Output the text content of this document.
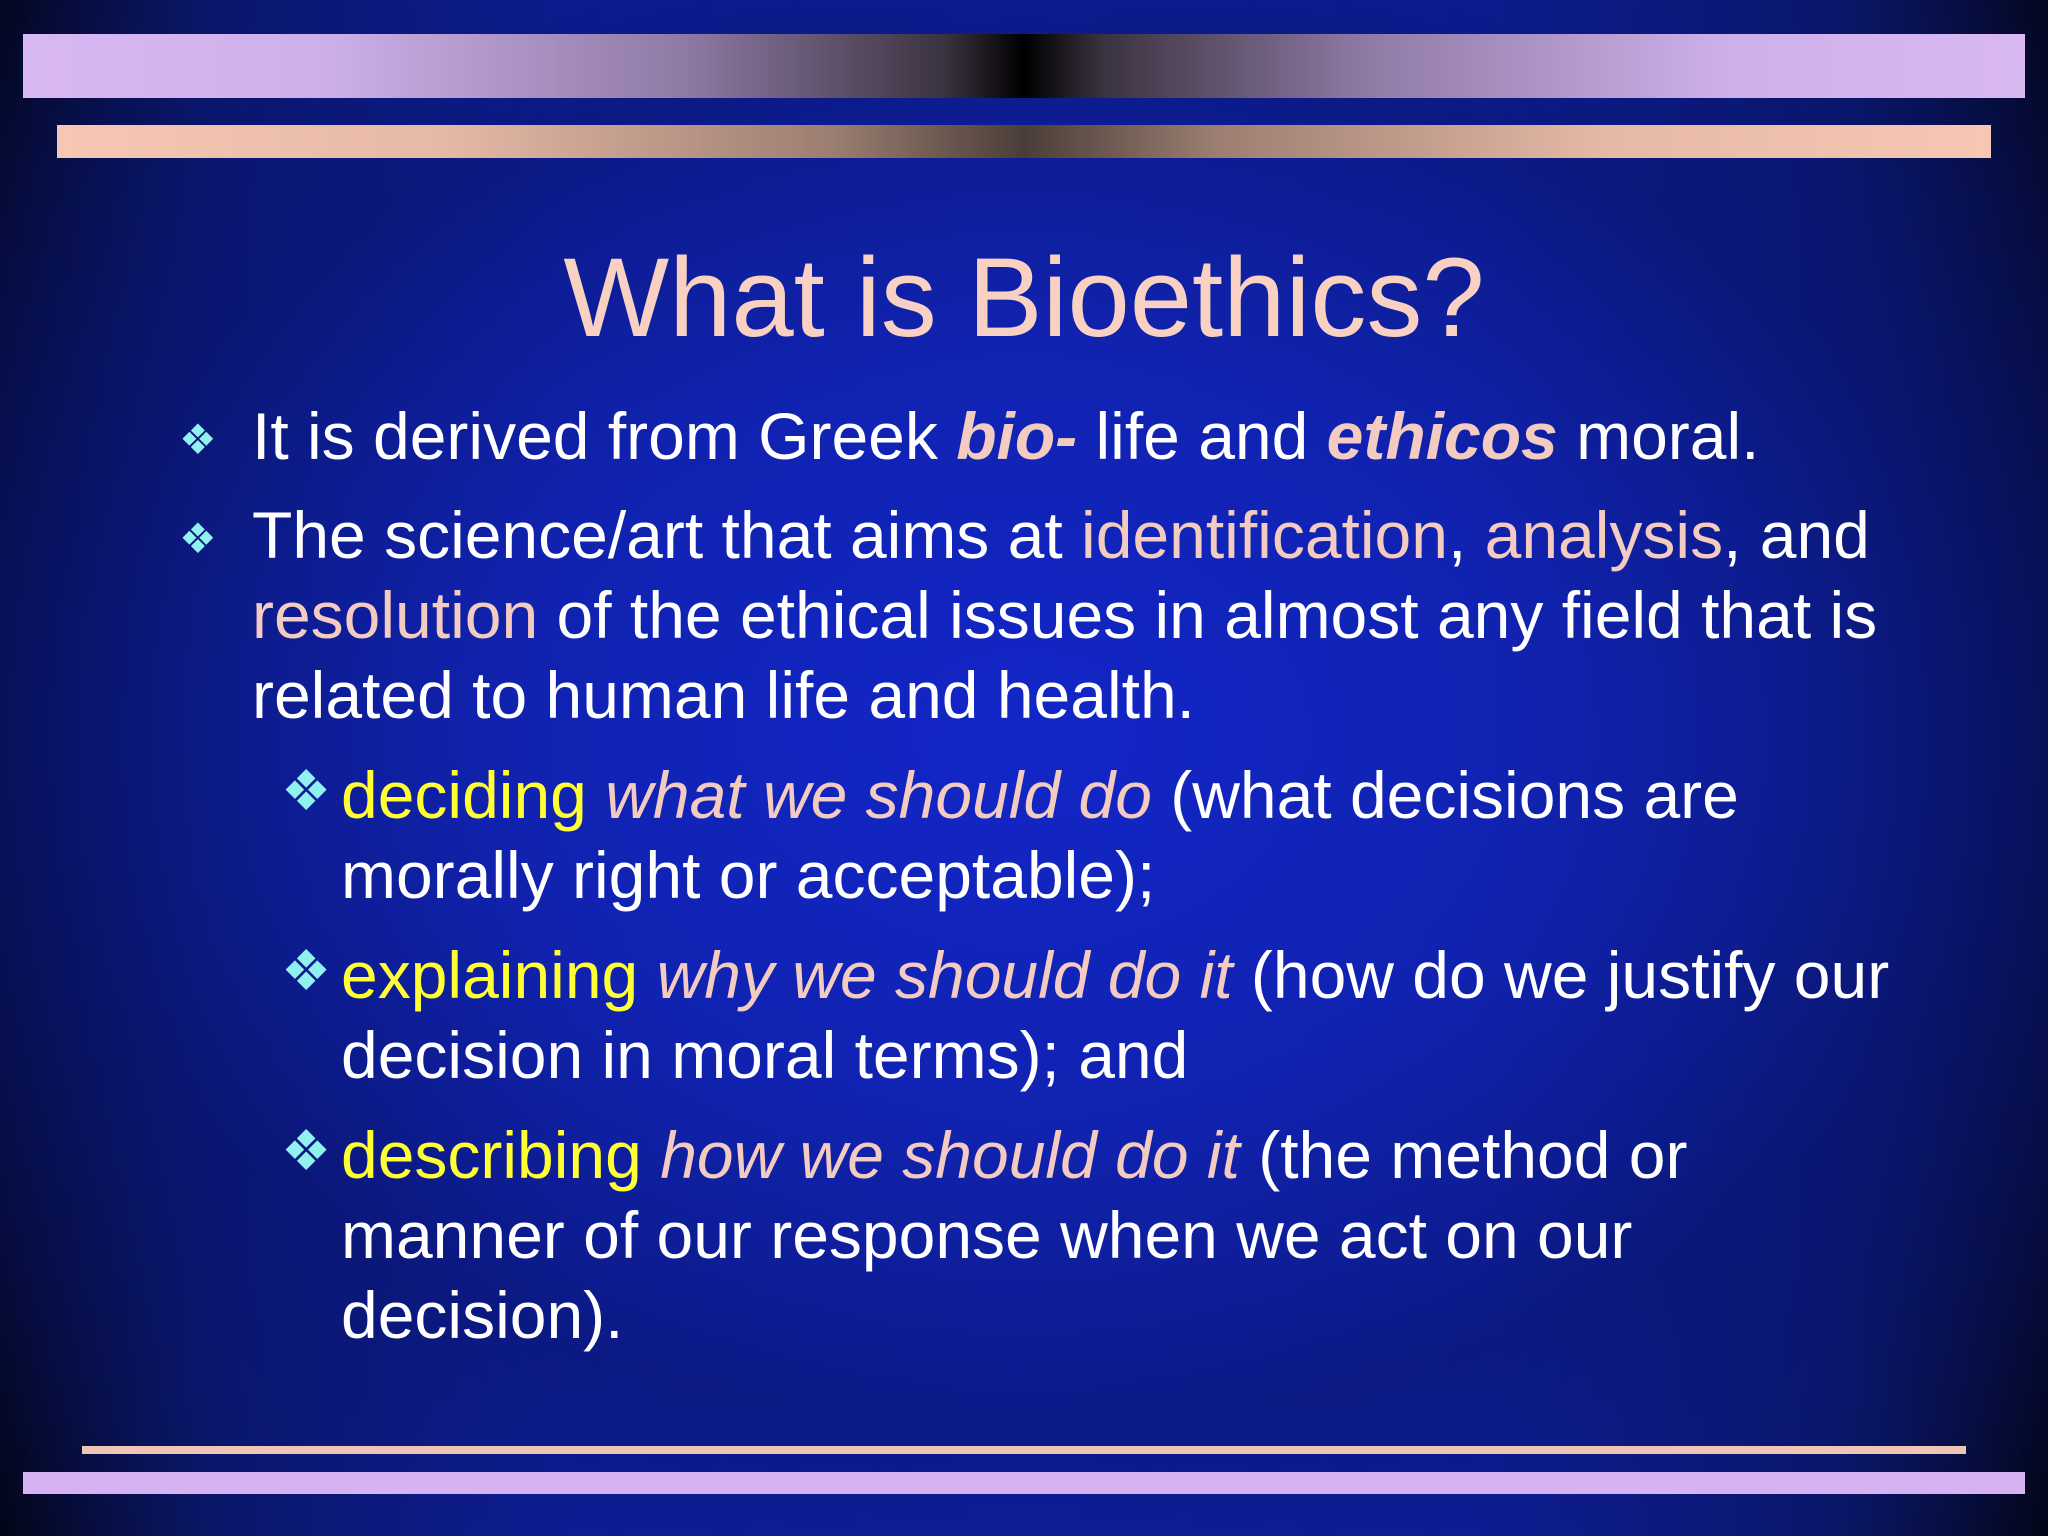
What is Bioethics?
❖ It is derived from Greek bio- life and ethicos moral.
❖ The science/art that aims at identification, analysis, and resolution of the ethical issues in almost any field that is related to human life and health.
❖ deciding what we should do (what decisions are morally right or acceptable);
❖ explaining why we should do it (how do we justify our decision in moral terms); and
❖ describing how we should do it (the method or manner of our response when we act on our decision).
